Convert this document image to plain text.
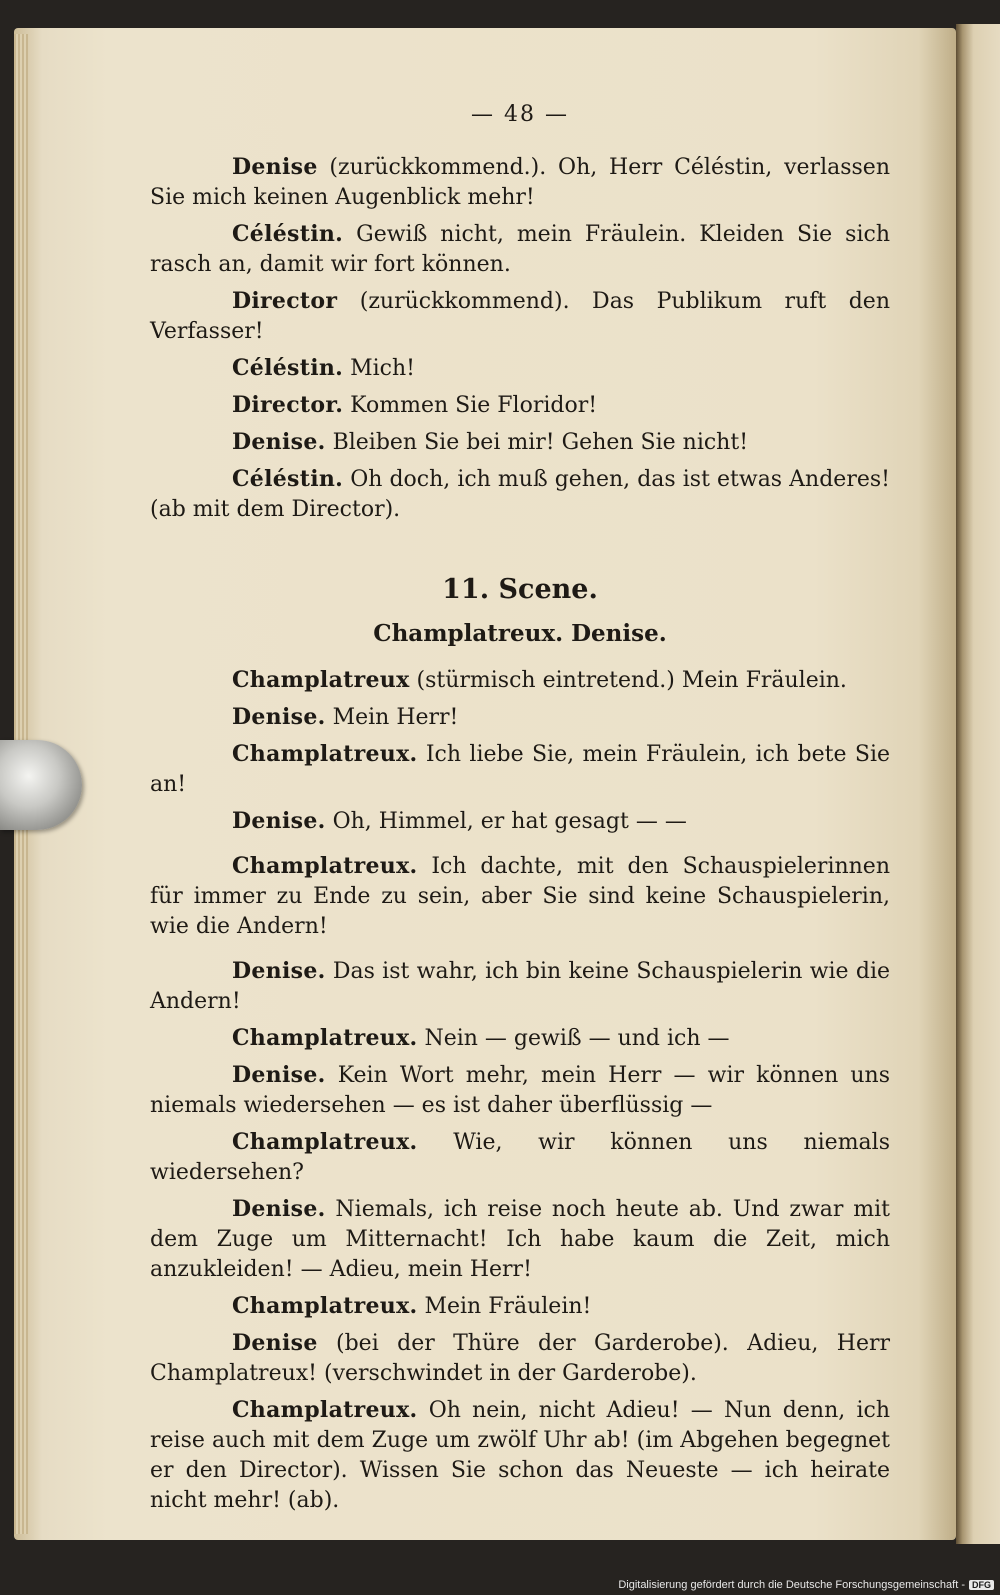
— 48 —

Denise (zurückkommend.). Oh, Herr Céléstin, verlassen Sie mich keinen Augenblick mehr!

Céléstin. Gewiß nicht, mein Fräulein. Kleiden Sie sich rasch an, damit wir fort können.

Director (zurückkommend). Das Publikum ruft den Verfasser!

Céléstin. Mich!

Director. Kommen Sie Floridor!

Denise. Bleiben Sie bei mir! Gehen Sie nicht!

Céléstin. Oh doch, ich muß gehen, das ist etwas Anderes! (ab mit dem Director).

11. Scene.
Champlatreux. Denise.

Champlatreux (stürmisch eintretend.) Mein Fräulein.

Denise. Mein Herr!

Champlatreux. Ich liebe Sie, mein Fräulein, ich bete Sie an!

Denise. Oh, Himmel, er hat gesagt — —

Champlatreux. Ich dachte, mit den Schauspielerinnen für immer zu Ende zu sein, aber Sie sind keine Schauspielerin, wie die Andern!

Denise. Das ist wahr, ich bin keine Schauspielerin wie die Andern!

Champlatreux. Nein — gewiß — und ich —

Denise. Kein Wort mehr, mein Herr — wir können uns niemals wiedersehen — es ist daher überflüssig —

Champlatreux. Wie, wir können uns niemals wiedersehen?

Denise. Niemals, ich reise noch heute ab. Und zwar mit dem Zuge um Mitternacht! Ich habe kaum die Zeit, mich anzukleiden! — Adieu, mein Herr!

Champlatreux. Mein Fräulein!

Denise (bei der Thüre der Garderobe). Adieu, Herr Champlatreux! (verschwindet in der Garderobe).

Champlatreux. Oh nein, nicht Adieu! — Nun denn, ich reise auch mit dem Zuge um zwölf Uhr ab! (im Abgehen begegnet er den Director). Wissen Sie schon das Neueste — ich heirate nicht mehr! (ab).

Digitalisierung gefördert durch die Deutsche Forschungsgemeinschaft - DFG
